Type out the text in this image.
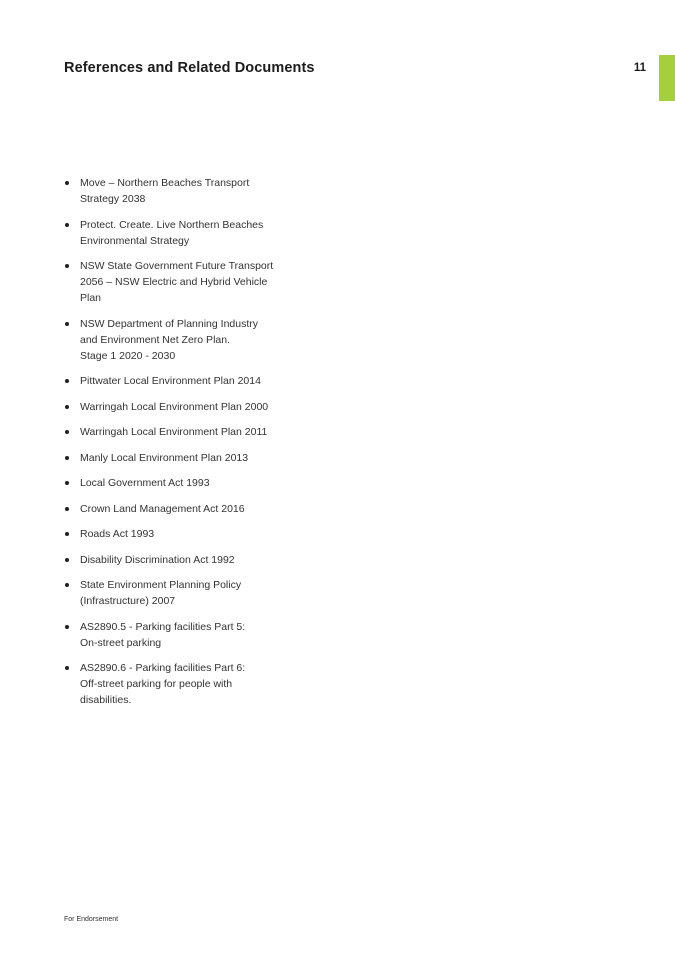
References and Related Documents	11
Move – Northern Beaches Transport
Strategy 2038
Protect. Create. Live Northern Beaches
Environmental Strategy
NSW State Government Future Transport
2056 – NSW Electric and Hybrid Vehicle
Plan
NSW Department of Planning Industry
and Environment Net Zero Plan.
Stage 1 2020 - 2030
Pittwater Local Environment Plan 2014
Warringah Local Environment Plan 2000
Warringah Local Environment Plan 2011
Manly Local Environment Plan 2013
Local Government Act 1993
Crown Land Management Act 2016
Roads Act 1993
Disability Discrimination Act 1992
State Environment Planning Policy
(Infrastructure) 2007
AS2890.5 - Parking facilities Part 5:
On-street parking
AS2890.6 - Parking facilities Part 6:
Off-street parking for people with
disabilities.
For Endorsement
